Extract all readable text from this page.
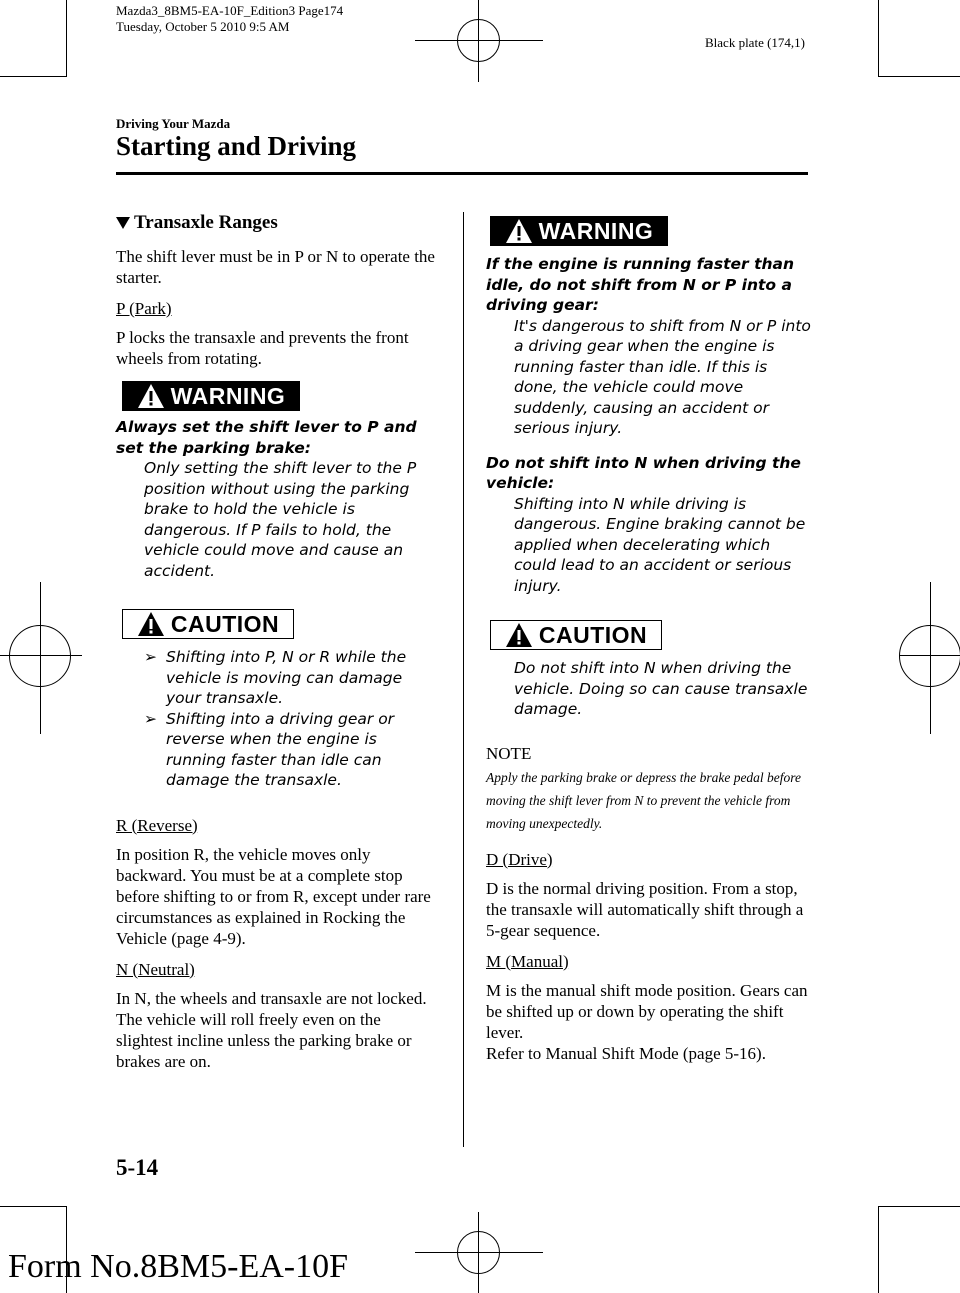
Mazda3_8BM5-EA-10F_Edition3 Page174
Tuesday, October 5 2010 9:5 AM
Black plate (174,1)
Driving Your Mazda
Starting and Driving
Transaxle Ranges

The shift lever must be in P or N to operate the starter.

P (Park)

P locks the transaxle and prevents the front wheels from rotating.

WARNING
Always set the shift lever to P and set the parking brake:
Only setting the shift lever to the P position without using the parking brake to hold the vehicle is dangerous. If P fails to hold, the vehicle could move and cause an accident.
CAUTION
➢ Shifting into P, N or R while the vehicle is moving can damage your transaxle.
➢ Shifting into a driving gear or reverse when the engine is running faster than idle can damage the transaxle.
R (Reverse)

In position R, the vehicle moves only backward. You must be at a complete stop before shifting to or from R, except under rare circumstances as explained in Rocking the Vehicle (page 4-9).

N (Neutral)

In N, the wheels and transaxle are not locked. The vehicle will roll freely even on the slightest incline unless the parking brake or brakes are on.

WARNING
If the engine is running faster than idle, do not shift from N or P into a driving gear:
It's dangerous to shift from N or P into a driving gear when the engine is running faster than idle. If this is done, the vehicle could move suddenly, causing an accident or serious injury.
Do not shift into N when driving the vehicle:
Shifting into N while driving is dangerous. Engine braking cannot be applied when decelerating which could lead to an accident or serious injury.
CAUTION
Do not shift into N when driving the vehicle. Doing so can cause transaxle damage.
NOTE

Apply the parking brake or depress the brake pedal before moving the shift lever from N to prevent the vehicle from moving unexpectedly.

D (Drive)

D is the normal driving position. From a stop, the transaxle will automatically shift through a 5-gear sequence.

M (Manual)

M is the manual shift mode position. Gears can be shifted up or down by operating the shift lever.

Refer to Manual Shift Mode (page 5-16).

5-14
Form No.8BM5-EA-10F
